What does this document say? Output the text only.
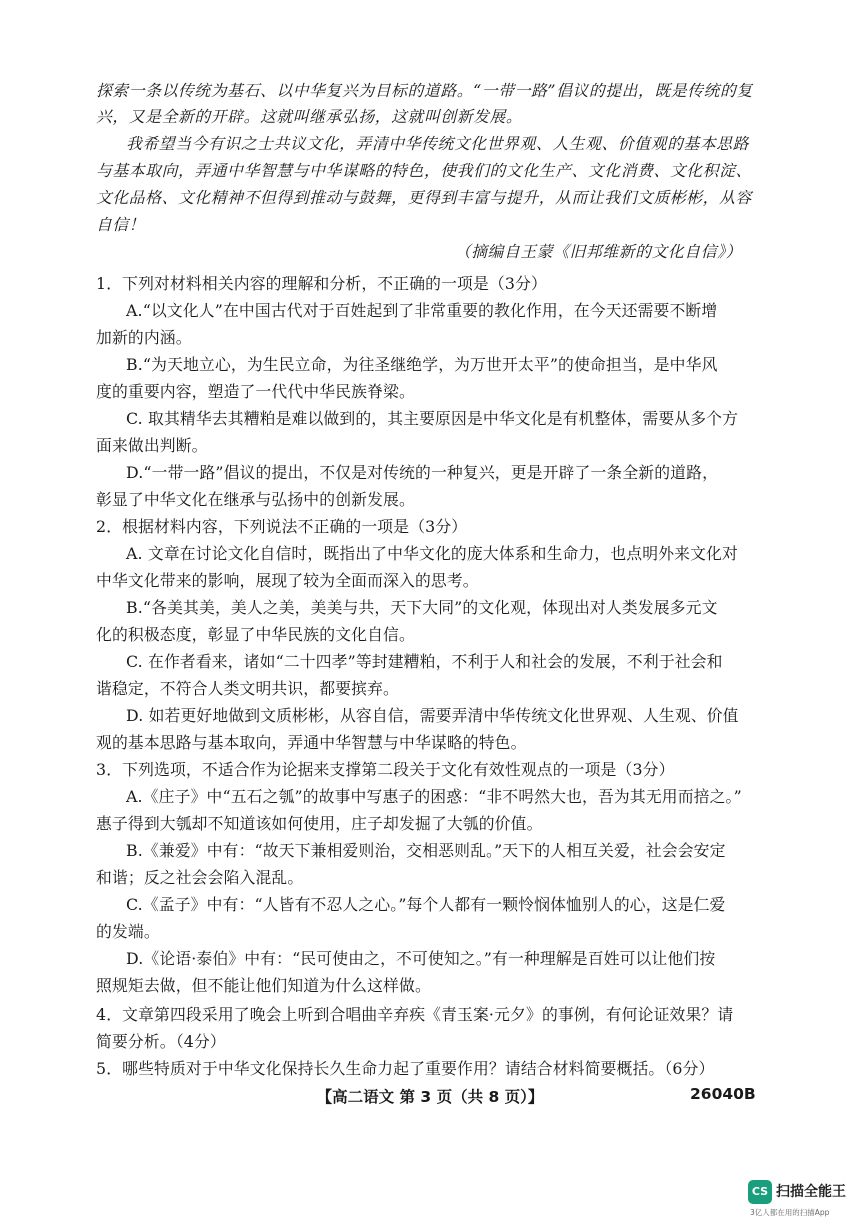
探索一条以传统为基石、以中华复兴为目标的道路。“一带一路”倡议的提出，既是传统的复
兴，又是全新的开辟。这就叫继承弘扬，这就叫创新发展。
我希望当今有识之士共议文化，弄清中华传统文化世界观、人生观、价值观的基本思路
与基本取向，弄通中华智慧与中华谋略的特色，使我们的文化生产、文化消费、文化积淀、
文化品格、文化精神不但得到推动与鼓舞，更得到丰富与提升，从而让我们文质彬彬，从容
自信！
（摘编自王蒙《旧邦维新的文化自信》）
1．下列对材料相关内容的理解和分析，不正确的一项是（3分）
A.“以文化人”在中国古代对于百姓起到了非常重要的教化作用，在今天还需要不断增
加新的内涵。
B.“为天地立心，为生民立命，为往圣继绝学，为万世开太平”的使命担当，是中华风
度的重要内容，塑造了一代代中华民族脊梁。
C. 取其精华去其糟粕是难以做到的，其主要原因是中华文化是有机整体，需要从多个方
面来做出判断。
D.“一带一路”倡议的提出，不仅是对传统的一种复兴，更是开辟了一条全新的道路，
彰显了中华文化在继承与弘扬中的创新发展。
2．根据材料内容，下列说法不正确的一项是（3分）
A. 文章在讨论文化自信时，既指出了中华文化的庞大体系和生命力，也点明外来文化对
中华文化带来的影响，展现了较为全面而深入的思考。
B.“各美其美，美人之美，美美与共，天下大同”的文化观，体现出对人类发展多元文
化的积极态度，彰显了中华民族的文化自信。
C. 在作者看来，诸如“二十四孝”等封建糟粕，不利于人和社会的发展，不利于社会和
谐稳定，不符合人类文明共识，都要摈弃。
D. 如若更好地做到文质彬彬，从容自信，需要弄清中华传统文化世界观、人生观、价值
观的基本思路与基本取向，弄通中华智慧与中华谋略的特色。
3．下列选项，不适合作为论据来支撑第二段关于文化有效性观点的一项是（3分）
A.《庄子》中“五石之瓠”的故事中写惠子的困惑：“非不呺然大也，吾为其无用而掊之。”
惠子得到大瓠却不知道该如何使用，庄子却发掘了大瓠的价值。
B.《兼爱》中有：“故天下兼相爱则治，交相恶则乱。”天下的人相互关爱，社会会安定
和谐；反之社会会陷入混乱。
C.《孟子》中有：“人皆有不忍人之心。”每个人都有一颗怜悯体恤别人的心，这是仁爱
的发端。
D.《论语·泰伯》中有：“民可使由之，不可使知之。”有一种理解是百姓可以让他们按
照规矩去做，但不能让他们知道为什么这样做。
4．文章第四段采用了晚会上听到合唱曲辛弃疾《青玉案·元夕》的事例，有何论证效果？请
简要分析。（4分）
5．哪些特质对于中华文化保持长久生命力起了重要作用？请结合材料简要概括。（6分）
【高二语文 第 3 页（共 8 页）】	26040B
CS 扫描全能王
3亿人都在用的扫描App
